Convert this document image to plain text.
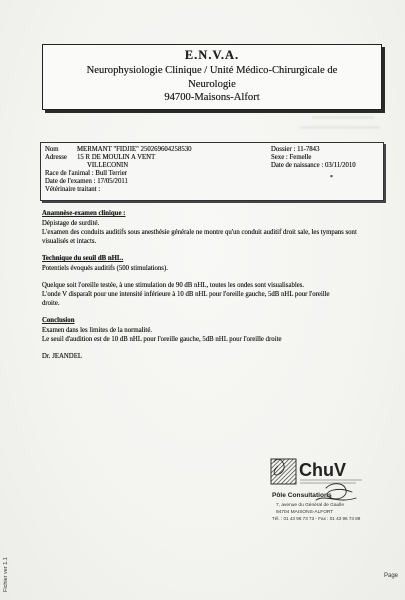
E.N.V.A.
Neurophysiologie Clinique / Unité Médico-Chirurgicale de
Neurologie
94700-Maisons-Alfort
Nom	MERMANT "FIDJIE" 250269604258530
Adresse 15 R DE MOULIN A VENT
VILLECONIN
Race de l'animal : Bull Terrier
Date de l'examen : 17/05/2011
Vétérinaire traitant :
Dossier : 11-7843
Sexe : Femelle
Date de naissance : 03/11/2010
*
Anamnèse-examen clinique :
Dépistage de surdité.
L'examen des conduits auditifs sous anesthésie générale ne montre qu'un conduit auditif droit sale, les tympans sont
visualisés et intacts.
Technique du seuil dB nHL.
Potentiels évoqués auditifs (500 stimulations).
Quelque soit l'oreille testée, à une stimulation de 90 dB nHL, toutes les ondes sont visualisables.
L'onde V disparaît pour une intensité inférieure à 10 dB nHL pour l'oreille gauche, 5dB nHL pour l'oreille
droite.
Conclusion
Examen dans les limites de la normalité.
Le seuil d'audition est de 10 dB nHL pour l'oreille gauche, 5dB nHL pour l'oreille droite
Dr. JEANDEL
ChuV
Pôle Consultations
7, avenue du Général de Gaulle
94704 MAISONS-ALFORT
Tél. : 01 43 96 73 73 - Fax : 01 43 96 73 89
Fichier ver 1.1	Page
